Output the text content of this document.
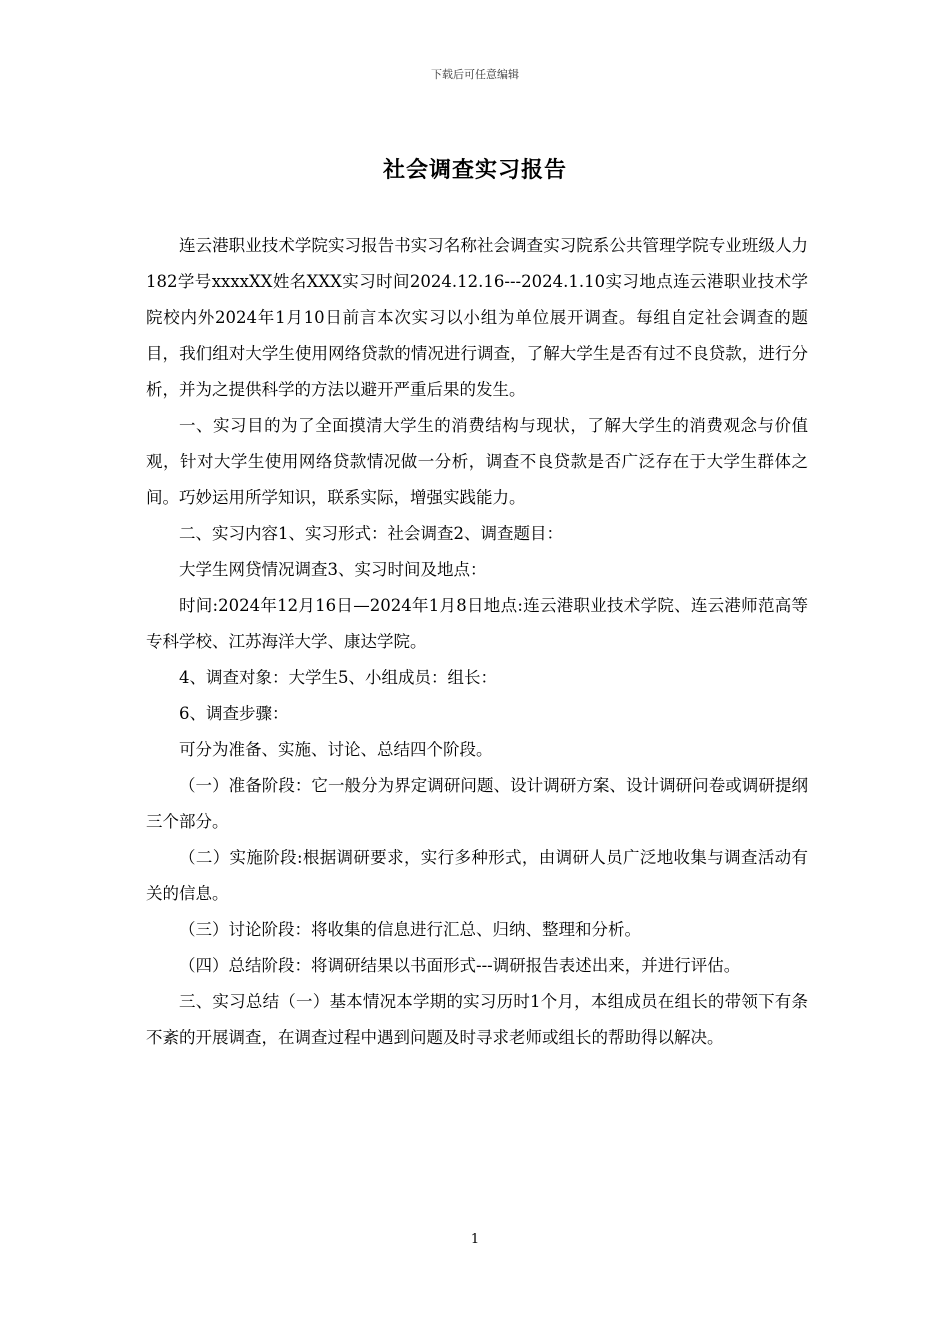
下载后可任意编辑
社会调查实习报告

连云港职业技术学院实习报告书实习名称社会调查实习院系公共管理学院专业班级人力182学号xxxxXX姓名XXX实习时间2024.12.16---2024.1.10实习地点连云港职业技术学院校内外2024年1月10日前言本次实习以小组为单位展开调查。每组自定社会调查的题目，我们组对大学生使用网络贷款的情况进行调查，了解大学生是否有过不良贷款，进行分析，并为之提供科学的方法以避开严重后果的发生。

一、实习目的为了全面摸清大学生的消费结构与现状，了解大学生的消费观念与价值观，针对大学生使用网络贷款情况做一分析，调查不良贷款是否广泛存在于大学生群体之间。巧妙运用所学知识，联系实际，增强实践能力。

二、实习内容1、实习形式：社会调查2、调查题目：

大学生网贷情况调查3、实习时间及地点：

时间:2024年12月16日—2024年1月8日地点:连云港职业技术学院、连云港师范高等专科学校、江苏海洋大学、康达学院。

4、调查对象：大学生5、小组成员：组长：

6、调查步骤：

可分为准备、实施、讨论、总结四个阶段。

（一）准备阶段：它一般分为界定调研问题、设计调研方案、设计调研问卷或调研提纲三个部分。

（二）实施阶段:根据调研要求，实行多种形式，由调研人员广泛地收集与调查活动有关的信息。

（三）讨论阶段：将收集的信息进行汇总、归纳、整理和分析。

（四）总结阶段：将调研结果以书面形式---调研报告表述出来，并进行评估。

三、实习总结（一）基本情况本学期的实习历时1个月，本组成员在组长的带领下有条不紊的开展调查，在调查过程中遇到问题及时寻求老师或组长的帮助得以解决。

1
